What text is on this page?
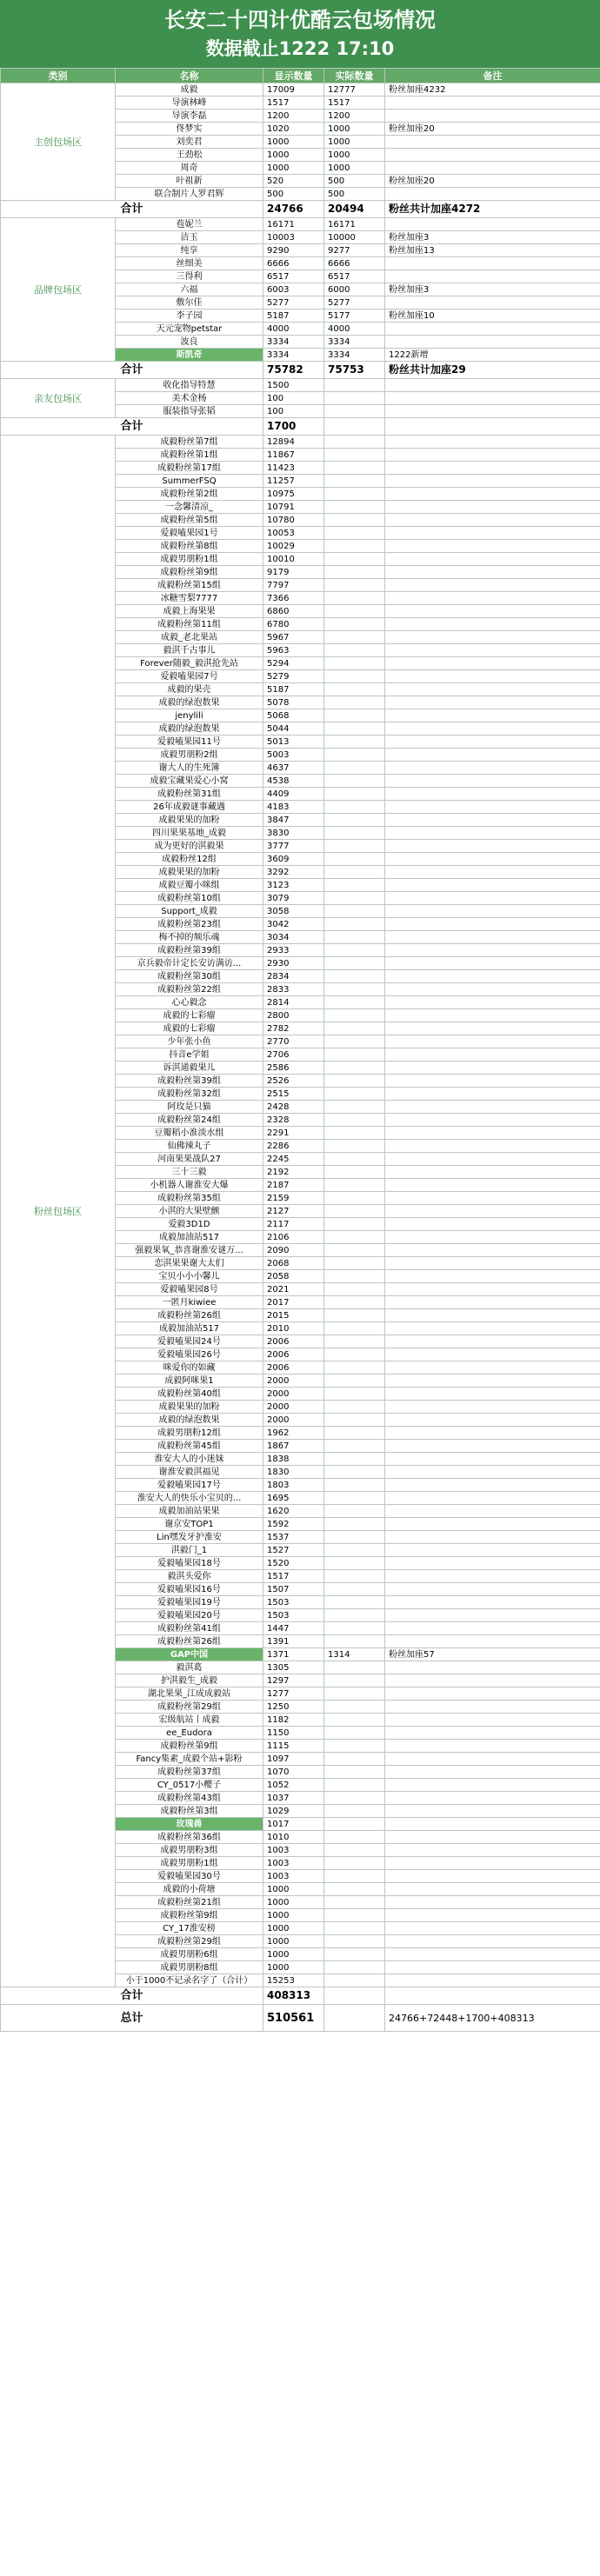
长安二十四计优酷云包场情况
数据截止1222 17:10
类别	名称	显示数量	实际数量	备注
主创包场区	成毅	17009	12777	粉丝加座4232
	导演林峰	1517	1517	
	导演李磊	1200	1200	
	佟梦实	1020	1000	粉丝加座20
	刘奕君	1000	1000	
	王劲松	1000	1000	
	周奇	1000	1000	
	叶祖新	520	500	粉丝加座20
	联合制片人罗君辉	500	500	
合计		24766	20494	粉丝共计加座4272
品牌包场区	苞妮兰	16171	16171	
	洁玉	10003	10000	粉丝加座3
	纯享	9290	9277	粉丝加座13
	丝细美	6666	6666	
	三得利	6517	6517	
	六福	6003	6000	粉丝加座3
	敷尔佳	5277	5277	
	李子园	5187	5177	粉丝加座10
	天元宠物petstar	4000	4000	
	波良	3334	3334	
	斯凯奇	3334	3334	1222新增
合计		75782	75753	粉丝共计加座29
亲友包场区	收化指导特慧	1500		
	美术金杨	100		
	服装指导张韬	100		
合计		1700		
粉丝包场区	成毅粉丝第7组	12894		
	成毅粉丝第1组	11867		
	成毅粉丝第17组	11423		
	SummerFSQ	11257		
	成毅粉丝第2组	10975		
	一念馨清凉_	10791		
	成毅粉丝第5组	10780		
	爱毅嗑果园1号	10053		
	成毅粉丝第8组	10029		
	成毅男朋粉1组	10010		
	成毅粉丝第9组	9179		
	成毅粉丝第15组	7797		
	冰糖雪梨7777	7366		
	成毅上海果果	6860		
	成毅粉丝第11组	6780		
	成毅_老北果站	5967		
	毅淇千古事儿	5963		
	Forever随毅_毅淇抢先站	5294		
	爱毅嗑果园7号	5279		
	成毅的果壳	5187		
	成毅的绿泡数果	5078		
	jenylili	5068		
	成毅的绿泡数果	5044		
	爱毅嗑果园11号	5013		
	成毅男朋粉2组	5003		
	谢大人的生死簿	4637		
	成毅宝藏果爱心小窝	4538		
	成毅粉丝第31组	4409		
	26年成毅谜事藏遇	4183		
	成毅果果的加粉	3847		
	四川果果基地_成毅	3830		
	成为更好的淇毅果	3777		
	成毅粉丝12组	3609		
	成毅果果的加粉	3292		
	成毅豆瓣小咪组	3123		
	成毅粉丝第10组	3079		
	Support_成毅	3058		
	成毅粉丝第23组	3042		
	梅不掉的频乐魂	3034		
	成毅粉丝第39组	2933		
	京兵毅帝计定长安访满访...	2930		
	成毅粉丝第30组	2834		
	成毅粉丝第22组	2833		
	心心毅念	2814		
	成毅的七彩瘤	2800		
	成毅的七彩瘤	2782		
	少年张小鱼	2770		
	抖音e学姐	2706		
	诉淇通毅果儿	2586		
	成毅粉丝第39组	2526		
	成毅粉丝第32组	2515		
	阿玫是只猫	2428		
	成毅粉丝第24组	2328		
	豆瓣稻小淮淡水组	2291		
	仙佛辣丸子	2286		
	河南果果战队27	2245		
	三十三毅	2192		
	小机器人谢淮安大爆	2187		
	成毅粉丝第35组	2159		
	小淇的大果壁颤	2127		
	爱毅3D1D	2117		
	成毅加油站517	2106		
	强毅果氧_恭喜谢淮安谜万...	2090		
	恋淇果果谢大太们	2068		
	宝贝小小小馨儿	2058		
	爱毅嗑果园8号	2021		
	一匿月kiwiee	2017		
	成毅粉丝第26组	2015		
	成毅加油站517	2010		
	爱毅嗑果园24号	2006		
	爱毅嗑果园26号	2006		
	咪爱你的如藏	2006		
	成毅阿咪果1	2000		
	成毅粉丝第40组	2000		
	成毅果果的加粉	2000		
	成毅的绿泡数果	2000		
	成毅男朋粉12组	1962		
	成毅粉丝第45组	1867		
	淮安大人的小迷妹	1838		
	谢淮安毅淇福见	1830		
	爱毅嗑果园17号	1803		
	淮安大人的快乐小宝贝的...	1695		
	成毅加油站果果	1620		
	谢京安TOP1	1592		
	Lin嘿发牙护淮安	1537		
	淇毅门_1	1527		
	爱毅嗑果园18号	1520		
	毅淇头爱你	1517		
	爱毅嗑果园16号	1507		
	爱毅嗑果园19号	1503		
	爱毅嗑果园20号	1503		
	成毅粉丝第41组	1447		
	成毅粉丝第26组	1391		
	GAP中国	1371	1314	粉丝加座57
	毅淇葛	1305		
	护淇毅生_成毅	1297		
	湖北果果_江成成毅站	1277		
	成毅粉丝第29组	1250		
	宏级航站丨成毅	1182		
	ee_Eudora	1150		
	成毅粉丝第9组	1115		
	Fancy集素_成毅个站+影粉	1097		
	成毅粉丝第37组	1070		
	CY_0517小樱子	1052		
	成毅粉丝第43组	1037		
	成毅粉丝第3组	1029		
	玫瑰兽	1017		
	成毅粉丝第36组	1010		
	成毅男朋粉3组	1003		
	成毅男朋粉1组	1003		
	爱毅嗑果园30号	1003		
	成毅的小荷塘	1000		
	成毅粉丝第21组	1000		
	成毅粉丝第9组	1000		
	CY_17淮安榜	1000		
	成毅粉丝第29组	1000		
	成毅男朋粉6组	1000		
	成毅男朋粉8组	1000		
	小于1000不记录名字了（合计）	15253		
合计		408313		
总计		510561		24766+72448+1700+408313
